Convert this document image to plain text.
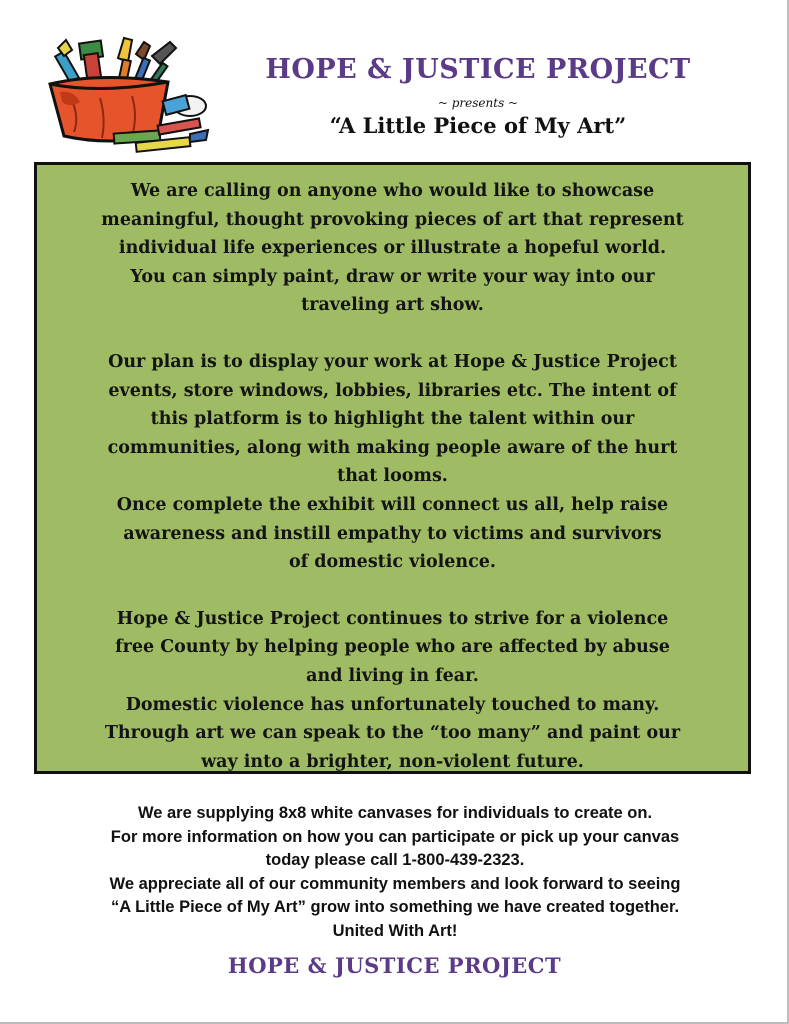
HOPE & JUSTICE PROJECT
~ presents ~
“A Little Piece of My Art”

We are calling on anyone who would like to showcase

meaningful, thought provoking pieces of art that represent

individual life experiences or illustrate a hopeful world.

You can simply paint, draw or write your way into our

traveling art show.

Our plan is to display your work at Hope & Justice Project

events, store windows, lobbies, libraries etc. The intent of

this platform is to highlight the talent within our

communities, along with making people aware of the hurt

that looms.

Once complete the exhibit will connect us all, help raise

awareness and instill empathy to victims and survivors

of domestic violence.

Hope & Justice Project continues to strive for a violence

free County by helping people who are affected by abuse

and living in fear.

Domestic violence has unfortunately touched to many.

Through art we can speak to the “too many” and paint our

way into a brighter, non-violent future.

We are supplying 8x8 white canvases for individuals to create on.

For more information on how you can participate or pick up your canvas

today please call 1-800-439-2323.

We appreciate all of our community members and look forward to seeing

“A Little Piece of My Art” grow into something we have created together.

United With Art!

HOPE & JUSTICE PROJECT
